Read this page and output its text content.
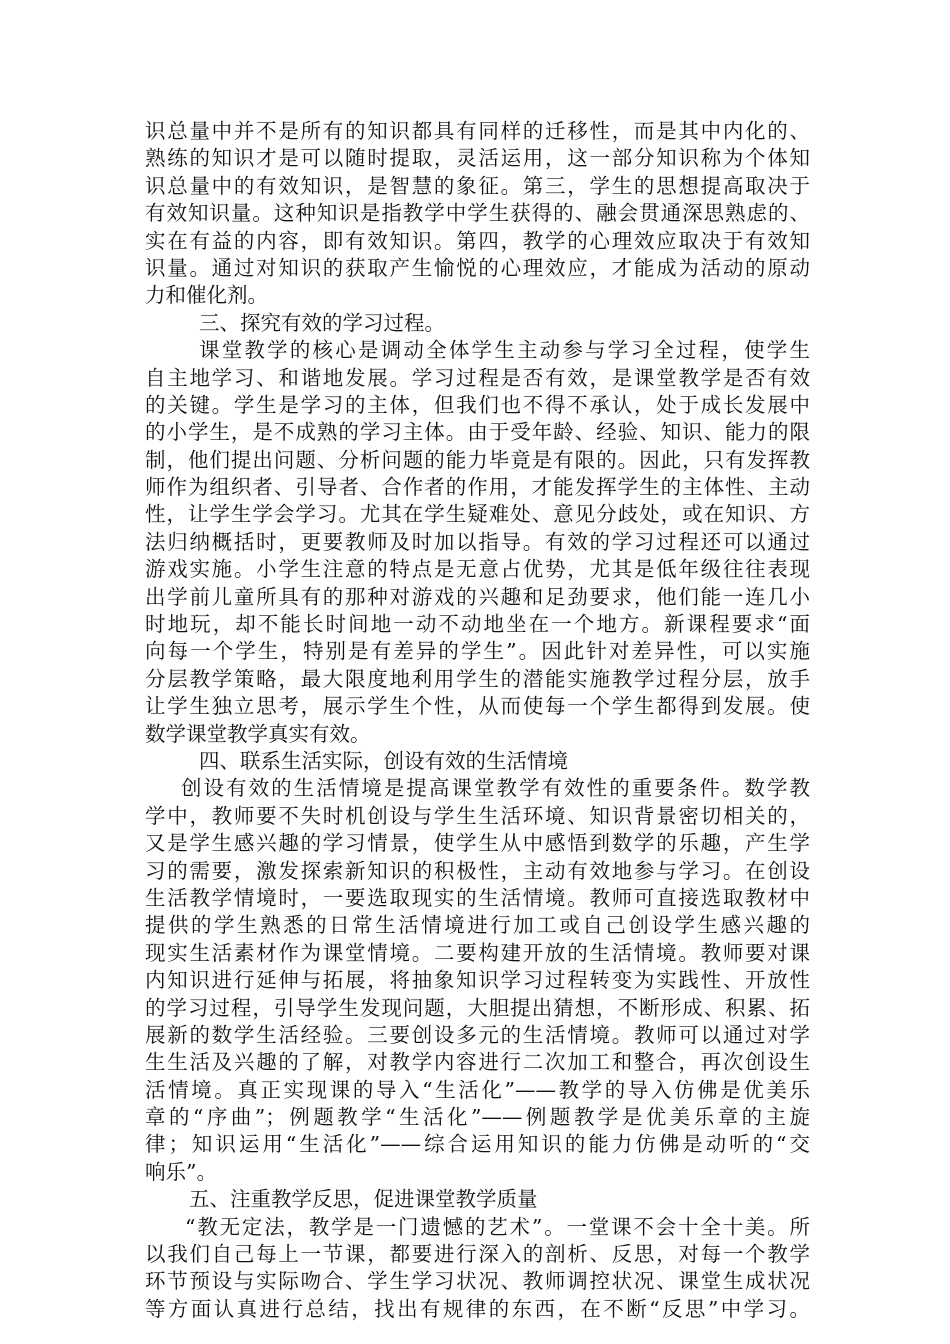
识总量中并不是所有的知识都具有同样的迁移性，而是其中内化的、
熟练的知识才是可以随时提取，灵活运用，这一部分知识称为个体知
识总量中的有效知识，是智慧的象征。第三，学生的思想提高取决于
有效知识量。这种知识是指教学中学生获得的、融会贯通深思熟虑的、
实在有益的内容，即有效知识。第四，教学的心理效应取决于有效知
识量。通过对知识的获取产生愉悦的心理效应，才能成为活动的原动
力和催化剂。
三、探究有效的学习过程。
课堂教学的核心是调动全体学生主动参与学习全过程，使学生
自主地学习、和谐地发展。学习过程是否有效，是课堂教学是否有效
的关键。学生是学习的主体，但我们也不得不承认，处于成长发展中
的小学生，是不成熟的学习主体。由于受年龄、经验、知识、能力的限
制，他们提出问题、分析问题的能力毕竟是有限的。因此，只有发挥教
师作为组织者、引导者、合作者的作用，才能发挥学生的主体性、主动
性，让学生学会学习。尤其在学生疑难处、意见分歧处，或在知识、方
法归纳概括时，更要教师及时加以指导。有效的学习过程还可以通过
游戏实施。小学生注意的特点是无意占优势，尤其是低年级往往表现
出学前儿童所具有的那种对游戏的兴趣和足劲要求，他们能一连几小
时地玩，却不能长时间地一动不动地坐在一个地方。新课程要求“面
向每一个学生，特别是有差异的学生”。因此针对差异性，可以实施
分层教学策略，最大限度地利用学生的潜能实施教学过程分层，放手
让学生独立思考，展示学生个性，从而使每一个学生都得到发展。使
数学课堂教学真实有效。
四、联系生活实际，创设有效的生活情境
创设有效的生活情境是提高课堂教学有效性的重要条件。数学教
学中，教师要不失时机创设与学生生活环境、知识背景密切相关的，
又是学生感兴趣的学习情景，使学生从中感悟到数学的乐趣，产生学
习的需要，激发探索新知识的积极性，主动有效地参与学习。在创设
生活教学情境时，一要选取现实的生活情境。教师可直接选取教材中
提供的学生熟悉的日常生活情境进行加工或自己创设学生感兴趣的
现实生活素材作为课堂情境。二要构建开放的生活情境。教师要对课
内知识进行延伸与拓展，将抽象知识学习过程转变为实践性、开放性
的学习过程，引导学生发现问题，大胆提出猜想，不断形成、积累、拓
展新的数学生活经验。三要创设多元的生活情境。教师可以通过对学
生生活及兴趣的了解，对教学内容进行二次加工和整合，再次创设生
活情境。真正实现课的导入“生活化”——教学的导入仿佛是优美乐
章的“序曲”；例题教学“生活化”——例题教学是优美乐章的主旋
律；知识运用“生活化”——综合运用知识的能力仿佛是动听的“交
响乐”。
五、注重教学反思，促进课堂教学质量
“教无定法，教学是一门遗憾的艺术”。一堂课不会十全十美。所
以我们自己每上一节课，都要进行深入的剖析、反思，对每一个教学
环节预设与实际吻合、学生学习状况、教师调控状况、课堂生成状况
等方面认真进行总结，找出有规律的东西，在不断“反思”中学习。
